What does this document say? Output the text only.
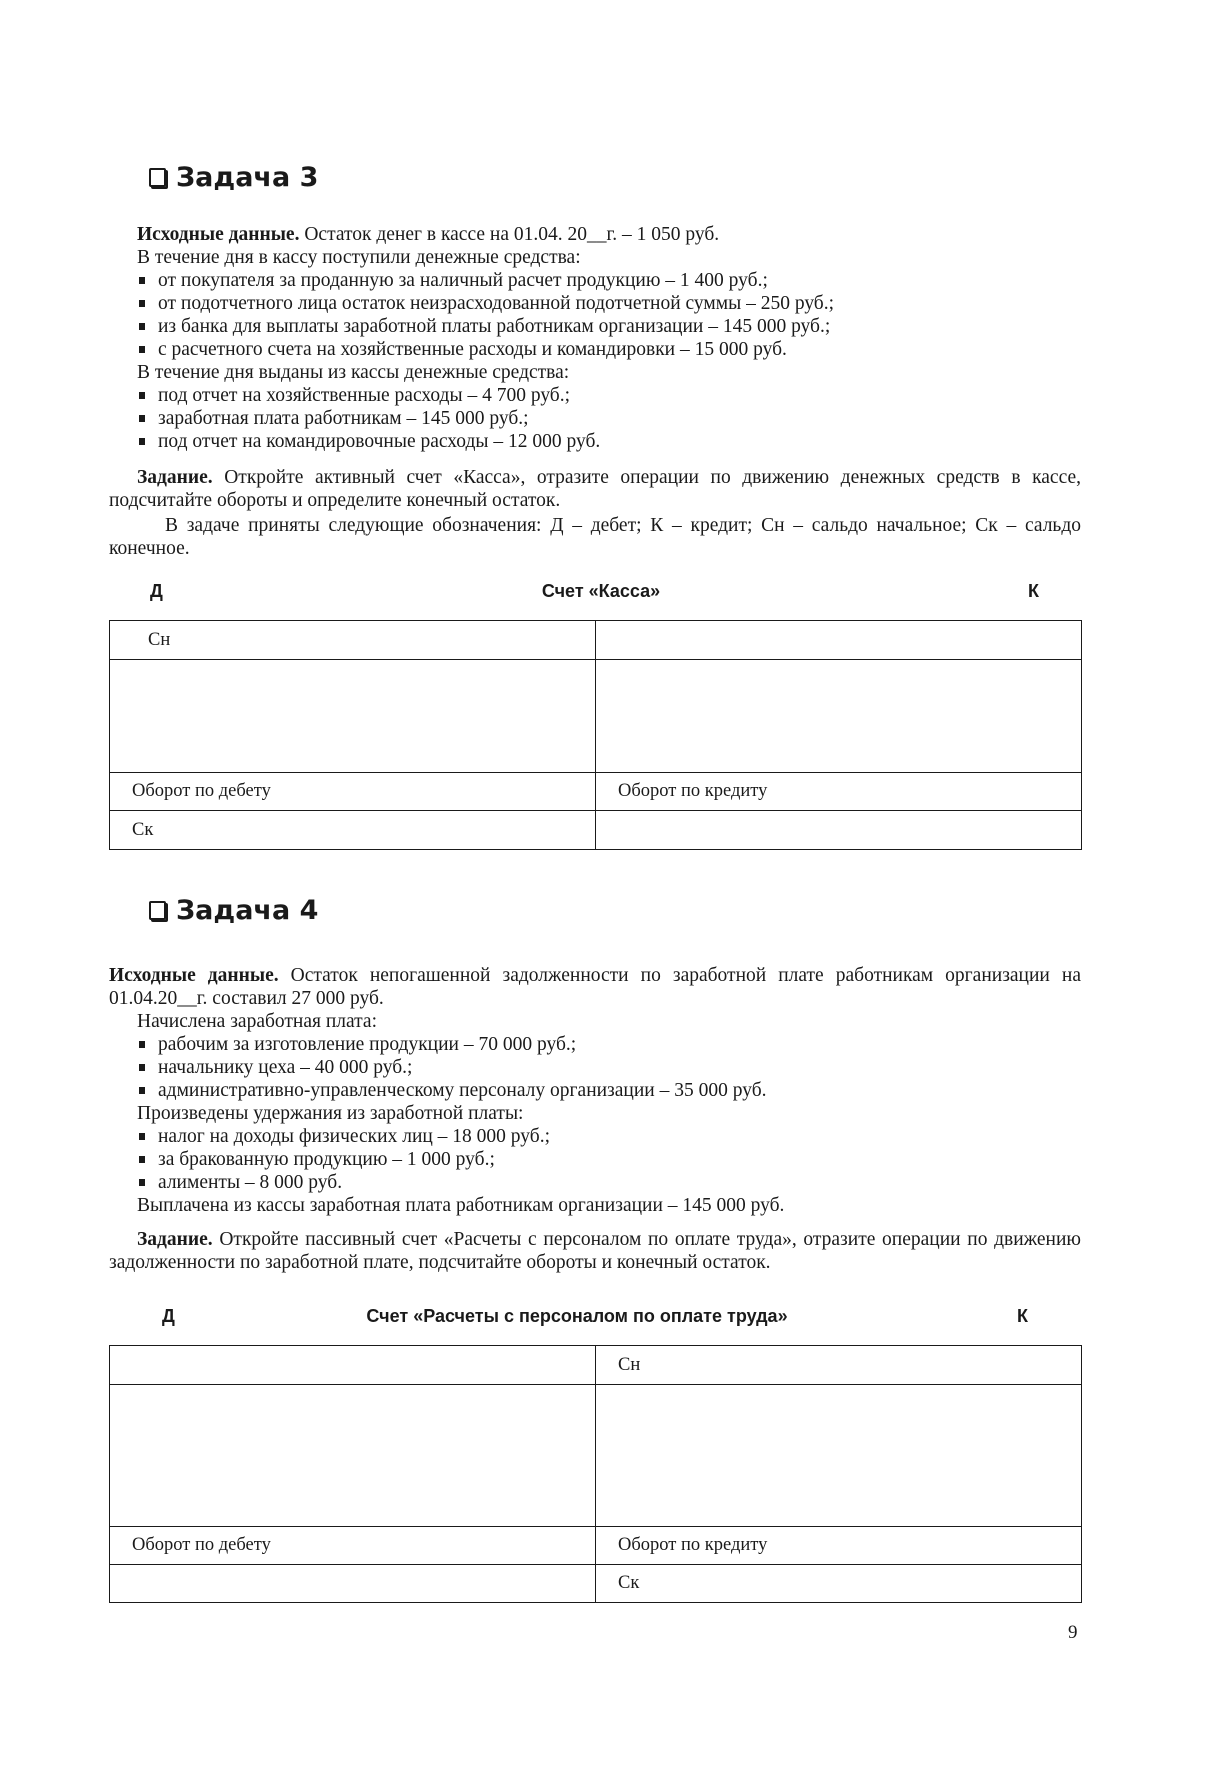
Задача 3
Исходные данные. Остаток денег в кассе на 01.04. 20__г. – 1 050 руб.
В течение дня в кассу поступили денежные средства:
от покупателя за проданную за наличный расчет продукцию – 1 400 руб.;
от подотчетного лица остаток неизрасходованной подотчетной суммы – 250 руб.;
из банка для выплаты заработной платы работникам организации – 145 000 руб.;
с расчетного счета на хозяйственные расходы и командировки – 15 000 руб.
В течение дня выданы из кассы денежные средства:
под отчет на хозяйственные расходы – 4 700 руб.;
заработная плата работникам – 145 000 руб.;
под отчет на командировочные расходы – 12 000 руб.
Задание. Откройте активный счет «Касса», отразите операции по движению денежных средств в кассе, подсчитайте обороты и определите конечный остаток.
В задаче приняты следующие обозначения: Д – дебет; К – кредит; Сн – сальдо начальное; Ск – сальдо конечное.
Д	Счет «Касса»	К
Сн	

Оборот по дебету	Оборот по кредиту
Ск	
Задача 4
Исходные данные. Остаток непогашенной задолженности по заработной плате работникам организации на 01.04.20__г. составил 27 000 руб.
Начислена заработная плата:
рабочим за изготовление продукции – 70 000 руб.;
начальнику цеха – 40 000 руб.;
административно-управленческому персоналу организации – 35 000 руб.
Произведены удержания из заработной платы:
налог на доходы физических лиц – 18 000 руб.;
за бракованную продукцию – 1 000 руб.;
алименты – 8 000 руб.
Выплачена из кассы заработная плата работникам организации – 145 000 руб.
Задание. Откройте пассивный счет «Расчеты с персоналом по оплате труда», отразите операции по движению задолженности по заработной плате, подсчитайте обороты и конечный остаток.
Д	Счет «Расчеты с персоналом по оплате труда»	К
	Сн

Оборот по дебету	Оборот по кредиту
	Ск
9
